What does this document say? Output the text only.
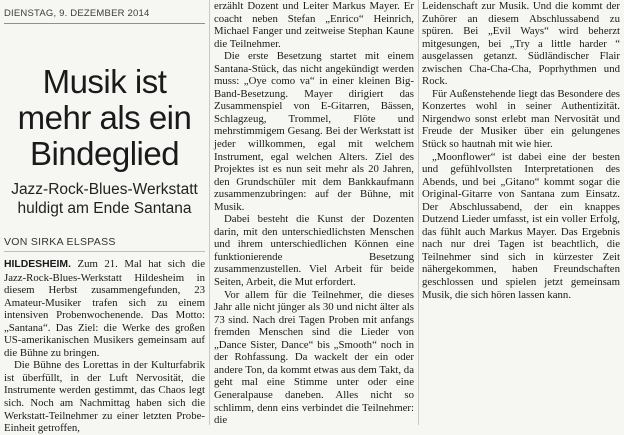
DIENSTAG, 9. DEZEMBER 2014
Musik ist
mehr als ein
Bindeglied
Jazz-Rock-Blues-Werkstatt
huldigt am Ende Santana
VON SIRKA ELSPASS

HILDESHEIM. Zum 21. Mal hat sich die Jazz-Rock-Blues-Werkstatt Hildesheim in diesem Herbst zusammengefunden, 23 Amateur-Musiker trafen sich zu einem intensiven Probenwochenende. Das Motto: „Santana“. Das Ziel: die Werke des großen US-amerikanischen Musikers gemeinsam auf die Bühne zu bringen.

Die Bühne des Lorettas in der Kulturfabrik ist überfüllt, in der Luft Nervosität, die Instrumente werden gestimmt, das Chaos legt sich. Noch am Nachmittag haben sich die Werkstatt-Teilnehmer zu einer letzten Probe-Einheit getroffen,

erzählt Dozent und Leiter Markus Mayer. Er coacht neben Stefan „Enrico“ Heinrich, Michael Fanger und zeitweise Stephan Kaune die Teilnehmer.

Die erste Besetzung startet mit einem Santana-Stück, das nicht angekündigt werden muss: „Oye como va“ in einer kleinen Big-Band-Besetzung. Mayer dirigiert das Zusammenspiel von E-Gitarren, Bässen, Schlagzeug, Trommel, Flöte und mehrstimmigem Gesang. Bei der Werkstatt ist jeder willkommen, egal mit welchem Instrument, egal welchen Alters. Ziel des Projektes ist es nun seit mehr als 20 Jahren, den Grundschüler mit dem Bankkaufmann zusammenzubringen: auf der Bühne, mit Musik.

Dabei besteht die Kunst der Dozenten darin, mit den unterschiedlichsten Menschen und ihrem unterschiedlichen Können eine funktionierende Besetzung zusammenzustellen. Viel Arbeit für beide Seiten, Arbeit, die Mut erfordert.

Vor allem für die Teilnehmer, die dieses Jahr alle nicht jünger als 30 und nicht älter als 73 sind. Nach drei Tagen Proben mit anfangs fremden Menschen sind die Lieder von „Dance Sister, Dance“ bis „Smooth“ noch in der Rohfassung. Da wackelt der ein oder andere Ton, da kommt etwas aus dem Takt, da geht mal eine Stimme unter oder eine Generalpause daneben. Alles nicht so schlimm, denn eins verbindet die Teilnehmer: die

Leidenschaft zur Musik. Und die kommt der Zuhörer an diesem Abschlussabend zu spüren. Bei „Evil Ways“ wird beherzt mitgesungen, bei „Try a little harder “ ausgelassen getanzt. Südländischer Flair zwischen Cha-Cha-Cha, Poprhythmen und Rock.

Für Außenstehende liegt das Besondere des Konzertes wohl in seiner Authentizität. Nirgendwo sonst erlebt man Nervosität und Freude der Musiker über ein gelungenes Stück so hautnah mit wie hier.

„Moonflower“ ist dabei eine der besten und gefühlvollsten Interpretationen des Abends, und bei „Gitano“ kommt sogar die Original-Gitarre von Santana zum Einsatz. Der Abschlussabend, der ein knappes Dutzend Lieder umfasst, ist ein voller Erfolg, das fühlt auch Markus Mayer. Das Ergebnis nach nur drei Tagen ist beachtlich, die Teilnehmer sind sich in kürzester Zeit nähergekommen, haben Freundschaften geschlossen und spielen jetzt gemeinsam Musik, die sich hören lassen kann.
